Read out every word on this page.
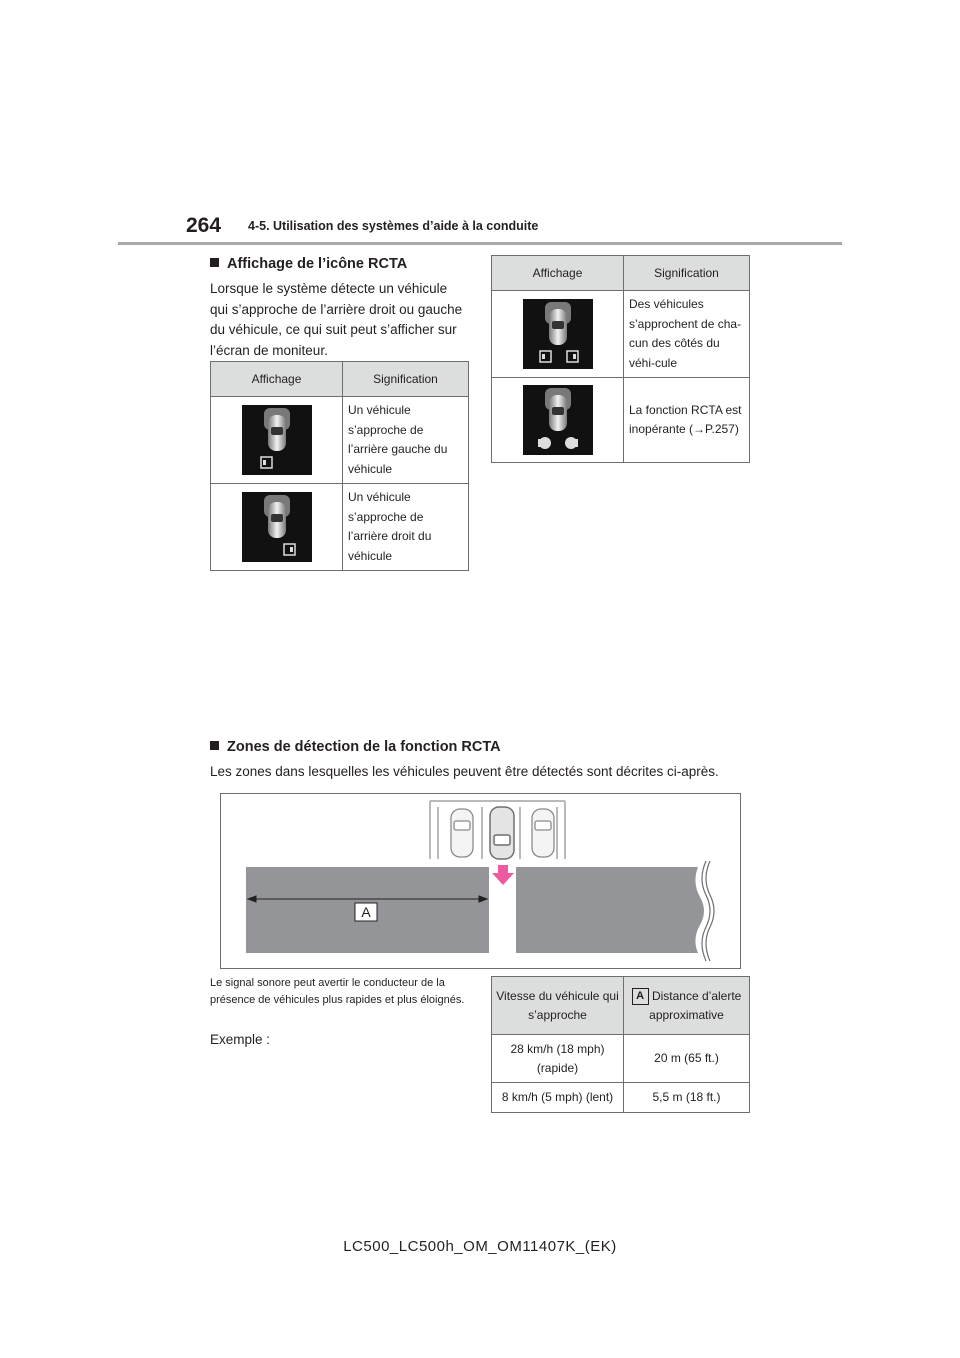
264 4-5. Utilisation des systèmes d’aide à la conduite
Affichage de l’icône RCTA
Lorsque le système détecte un véhicule qui s’approche de l’arrière droit ou gauche du véhicule, ce qui suit peut s’afficher sur l’écran de moniteur.
Affichage	Signification
	Un véhicule s’approche de l’arrière gauche du véhicule
	Un véhicule s’approche de l’arrière droit du véhicule
Affichage	Signification
	Des véhicules s’approchent de cha-cun des côtés du véhi-cule
	La fonction RCTA est inopérante (→P.257)
Zones de détection de la fonction RCTA
Les zones dans lesquelles les véhicules peuvent être détectés sont décrites ci-après.
A
Le signal sonore peut avertir le conducteur de la présence de véhicules plus rapides et plus éloignés.
Exemple :
Vitesse du véhicule qui s’approche	A Distance d’alerte approximative
28 km/h (18 mph) (rapide)	20 m (65 ft.)
8 km/h (5 mph) (lent)	5,5 m (18 ft.)
LC500_LC500h_OM_OM11407K_(EK)
